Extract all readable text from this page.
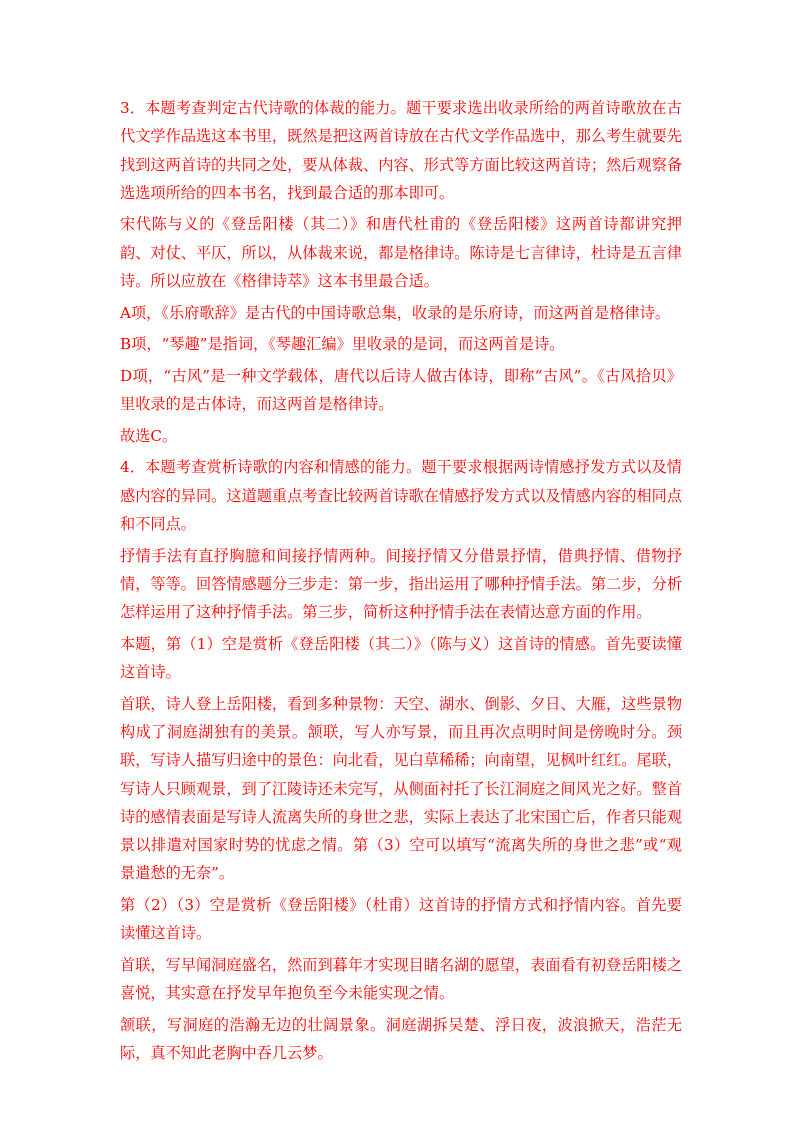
3．本题考查判定古代诗歌的体裁的能力。题干要求选出收录所给的两首诗歌放在古代文学作品选这本书里，既然是把这两首诗放在古代文学作品选中，那么考生就要先找到这两首诗的共同之处，要从体裁、内容、形式等方面比较这两首诗；然后观察备选选项所给的四本书名，找到最合适的那本即可。

宋代陈与义的《登岳阳楼（其二）》和唐代杜甫的《登岳阳楼》这两首诗都讲究押韵、对仗、平仄，所以，从体裁来说，都是格律诗。陈诗是七言律诗，杜诗是五言律诗。所以应放在《格律诗萃》这本书里最合适。

A项，《乐府歌辞》是古代的中国诗歌总集，收录的是乐府诗，而这两首是格律诗。

B项，“琴趣”是指词，《琴趣汇编》里收录的是词，而这两首是诗。

D项，“古风”是一种文学载体，唐代以后诗人做古体诗，即称“古风”。《古风拾贝》里收录的是古体诗，而这两首是格律诗。

故选C。

4．本题考查赏析诗歌的内容和情感的能力。题干要求根据两诗情感抒发方式以及情感内容的异同。这道题重点考查比较两首诗歌在情感抒发方式以及情感内容的相同点和不同点。

抒情手法有直抒胸臆和间接抒情两种。间接抒情又分借景抒情，借典抒情、借物抒情，等等。回答情感题分三步走：第一步，指出运用了哪种抒情手法。第二步，分析怎样运用了这种抒情手法。第三步，简析这种抒情手法在表情达意方面的作用。

本题，第（1）空是赏析《登岳阳楼（其二）》（陈与义）这首诗的情感。首先要读懂这首诗。

首联，诗人登上岳阳楼，看到多种景物：天空、湖水、倒影、夕日、大雁，这些景物构成了洞庭湖独有的美景。颔联，写人亦写景，而且再次点明时间是傍晚时分。颈联，写诗人描写归途中的景色：向北看，见白草稀稀；向南望，见枫叶红红。尾联，写诗人只顾观景，到了江陵诗还未完写，从侧面衬托了长江洞庭之间风光之好。整首诗的感情表面是写诗人流离失所的身世之悲，实际上表达了北宋国亡后，作者只能观景以排遣对国家时势的忧虑之情。第（3）空可以填写“流离失所的身世之悲”或“观景遣愁的无奈”。

第（2）（3）空是赏析《登岳阳楼》（杜甫）这首诗的抒情方式和抒情内容。首先要读懂这首诗。

首联，写早闻洞庭盛名，然而到暮年才实现目睹名湖的愿望，表面看有初登岳阳楼之喜悦，其实意在抒发早年抱负至今未能实现之情。

颔联，写洞庭的浩瀚无边的壮阔景象。洞庭湖拆吴楚、浮日夜，波浪掀天，浩茫无际，真不知此老胸中吞几云梦。
